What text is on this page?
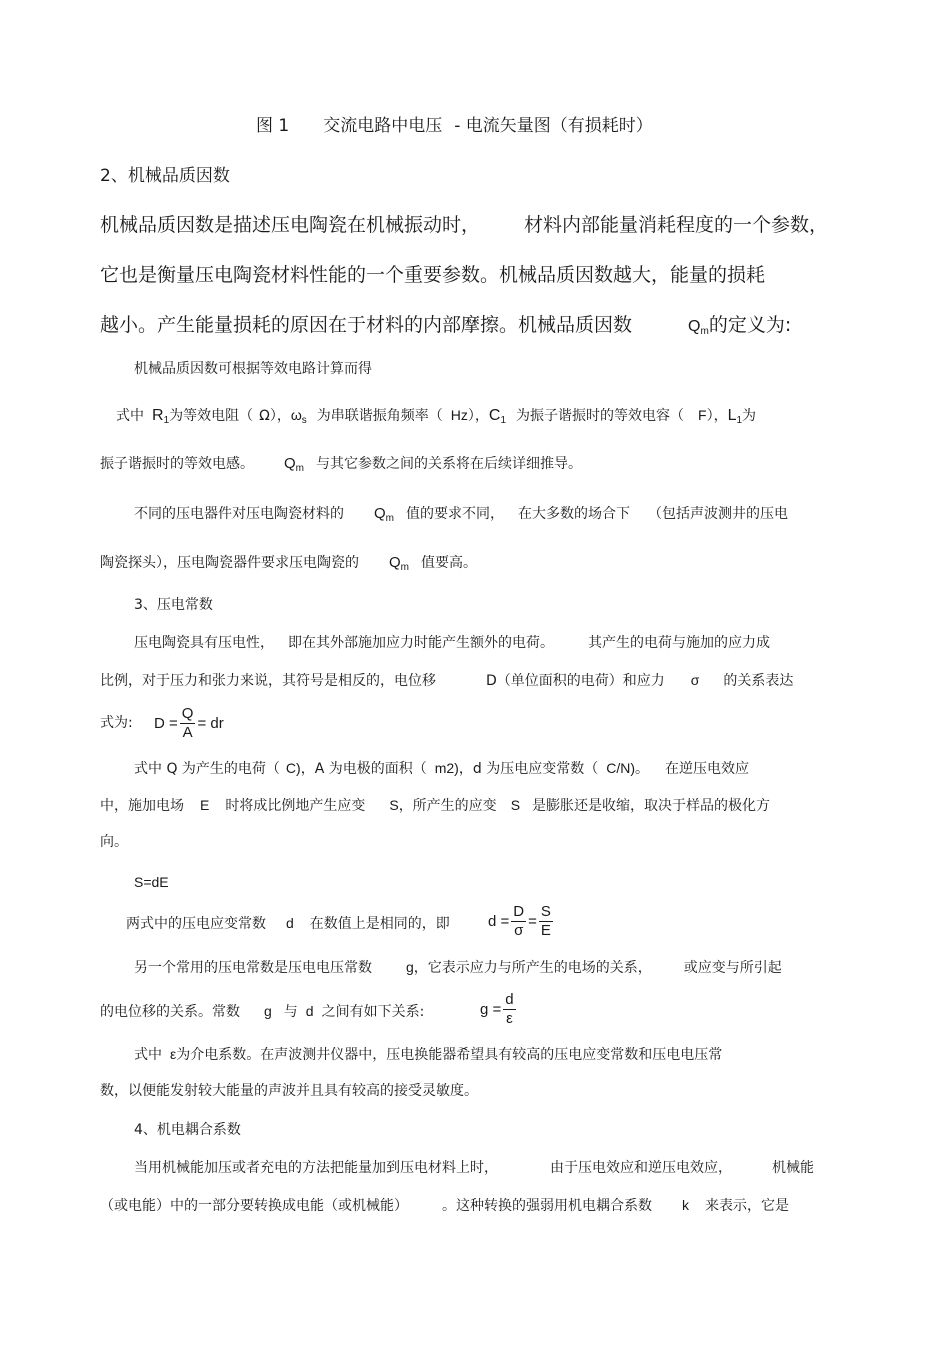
图 1 交流电路中电压 - 电流矢量图（有损耗时）
2、机械品质因数
机械品质因数是描述压电陶瓷在机械振动时， 材料内部能量消耗程度的一个参数，
它也是衡量压电陶瓷材料性能的一个重要参数。机械品质因数越大，能量的损耗
越小。产生能量损耗的原因在于材料的内部摩擦。机械品质因数	$Q_m$的定义为:
机械品质因数可根据等效电路计算而得
式中 $R_1$为等效电阻（ Ω），$\omega_s$ 为串联谐振角频率（ Hz），$C_1$ 为振子谐振时的等效电容（ F），$L_1$为
振子谐振时的等效电感。 $Q_m$ 与其它参数之间的关系将在后续详细推导。
不同的压电器件对压电陶瓷材料的 $Q_m$ 值的要求不同， 在大多数的场合下 （包括声波测井的压电
陶瓷探头），压电陶瓷器件要求压电陶瓷的 $Q_m$ 值要高。
3、压电常数
压电陶瓷具有压电性， 即在其外部施加应力时能产生额外的电荷。 其产生的电荷与施加的应力成
比例，对于压力和张力来说，其符号是相反的，电位移	D（单位面积的电荷）和应力 σ 的关系表达
式为: $D = \frac{Q}{A}$ = dr
式中 Q 为产生的电荷（ C)，A 为电极的面积（ m2)，d 为压电应变常数（ C/N)。 在逆压电效应
中，施加电场 E 时将成比例地产生应变 S，所产生的应变 S 是膨胀还是收缩，取决于样品的极化方
向。
S=dE
两式中的压电应变常数 d 在数值上是相同的，即	$d = \frac{D}{\sigma} = \frac{S}{E}$
另一个常用的压电常数是压电电压常数 g，它表示应力与所产生的电场的关系， 或应变与所引起
的电位移的关系。常数 g 与 d 之间有如下关系:	$g = \frac{d}{\varepsilon}$
式中 ε为介电系数。在声波测井仪器中，压电换能器希望具有较高的压电应变常数和压电电压常
数，以便能发射较大能量的声波并且具有较高的接受灵敏度。
4、机电耦合系数
当用机械能加压或者充电的方法把能量加到压电材料上时，	由于压电效应和逆压电效应，	机械能
（或电能）中的一部分要转换成电能（或机械能） 。这种转换的强弱用机电耦合系数 k 来表示，它是
